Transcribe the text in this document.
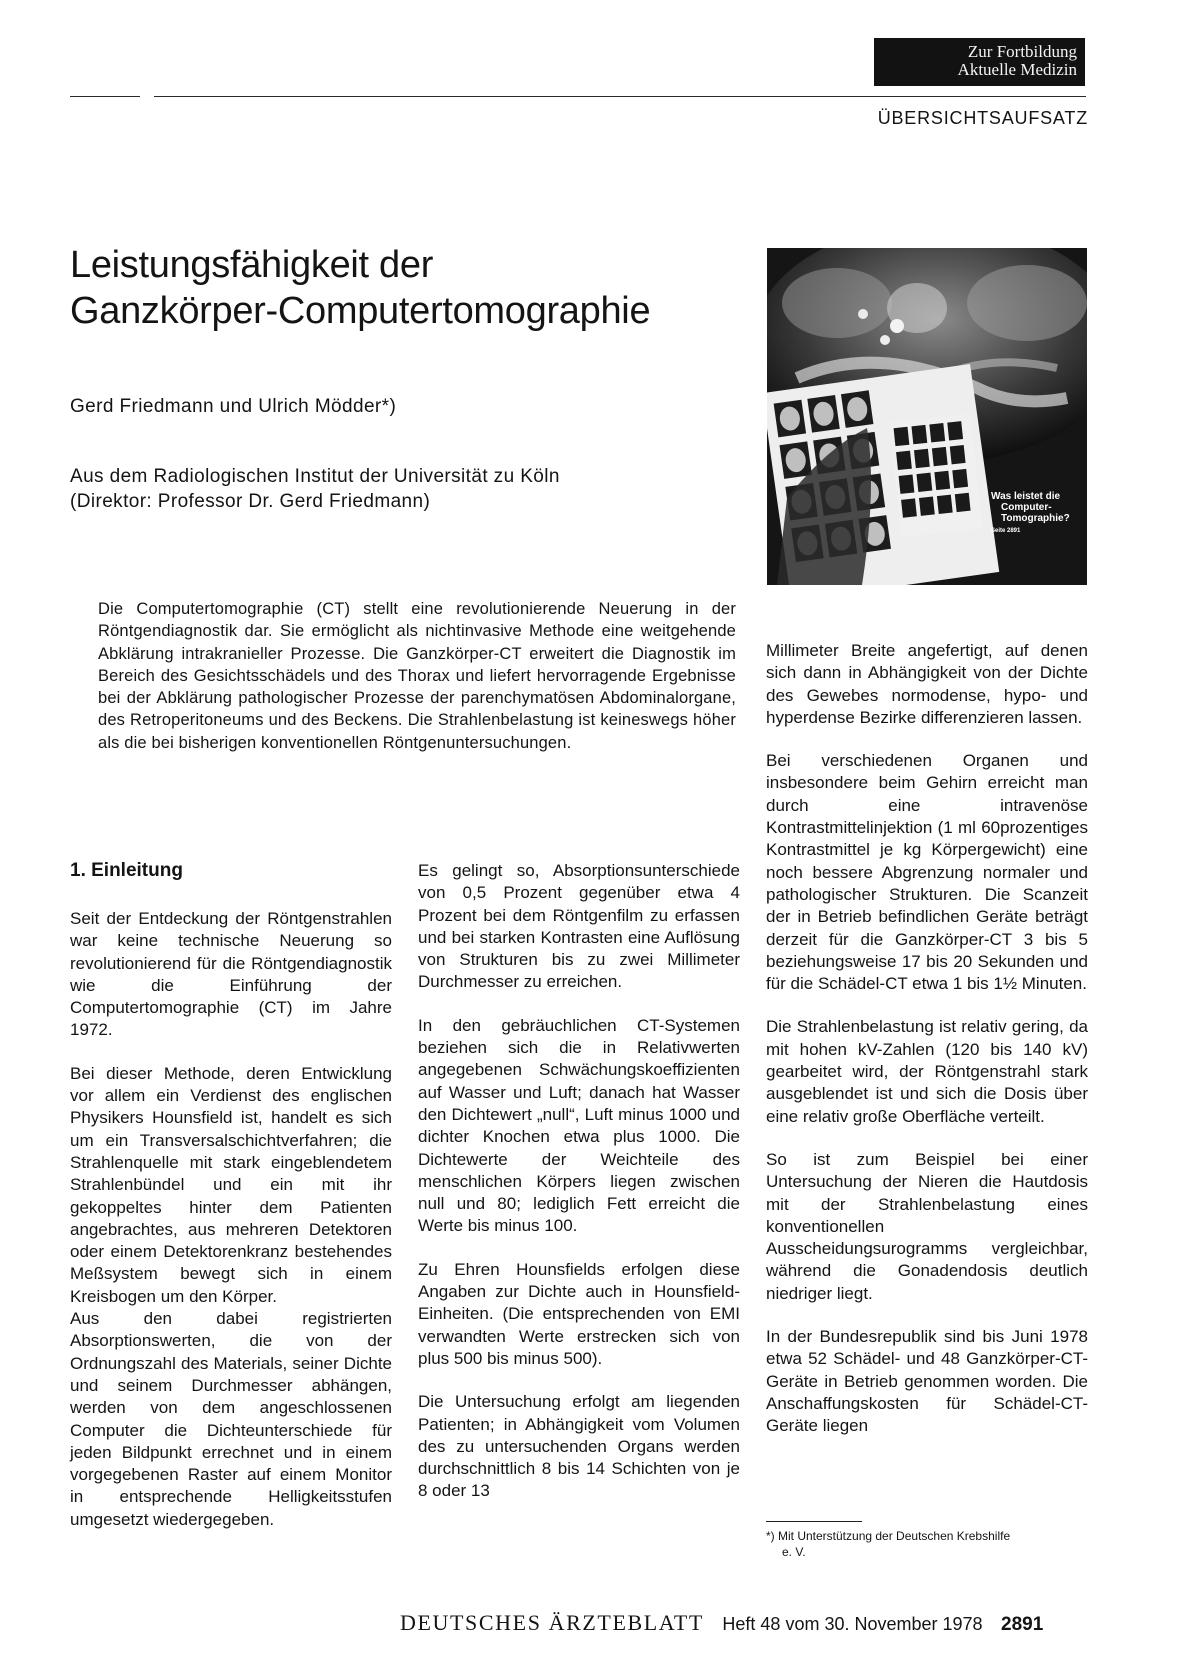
Zur Fortbildung
Aktuelle Medizin
ÜBERSICHTSAUFSATZ
Leistungsfähigkeit der
Ganzkörper-Computertomographie
Gerd Friedmann und Ulrich Mödder*)
Aus dem Radiologischen Institut der Universität zu Köln
(Direktor: Professor Dr. Gerd Friedmann)	Was leistet die
Computer-
Tomographie?
Seite 2891

Die Computertomographie (CT) stellt eine revolutionierende Neuerung in der Röntgendiagnostik dar. Sie ermöglicht als nichtinvasive Methode eine weitgehende Abklärung intrakranieller Prozesse. Die Ganzkörper-CT erweitert die Diagnostik im Bereich des Gesichtsschädels und des Thorax und liefert hervorragende Ergebnisse bei der Abklärung pathologischer Prozesse der parenchymatösen Abdominalorgane, des Retroperitoneums und des Beckens. Die Strahlenbelastung ist keineswegs höher als die bei bisherigen konventionellen Röntgenuntersuchungen.

1. Einleitung

Seit der Entdeckung der Röntgenstrahlen war keine technische Neuerung so revolutionierend für die Röntgendiagnostik wie die Einführung der Computertomographie (CT) im Jahre 1972.

Bei dieser Methode, deren Entwicklung vor allem ein Verdienst des englischen Physikers Hounsfield ist, handelt es sich um ein Transversalschichtverfahren; die Strahlenquelle mit stark eingeblendetem Strahlenbündel und ein mit ihr gekoppeltes hinter dem Patienten angebrachtes, aus mehreren Detektoren oder einem Detektorenkranz bestehendes Meßsystem bewegt sich in einem Kreisbogen um den Körper.

Aus den dabei registrierten Absorptionswerten, die von der Ordnungszahl des Materials, seiner Dichte und seinem Durchmesser abhängen, werden von dem angeschlossenen Computer die Dichteunterschiede für jeden Bildpunkt errechnet und in einem vorgegebenen Raster auf einem Monitor in entsprechende Helligkeitsstufen umgesetzt wiedergegeben.

Es gelingt so, Absorptionsunterschiede von 0,5 Prozent gegenüber etwa 4 Prozent bei dem Röntgenfilm zu erfassen und bei starken Kontrasten eine Auflösung von Strukturen bis zu zwei Millimeter Durchmesser zu erreichen.

In den gebräuchlichen CT-Systemen beziehen sich die in Relativwerten angegebenen Schwächungskoeffizienten auf Wasser und Luft; danach hat Wasser den Dichtewert „null“, Luft minus 1000 und dichter Knochen etwa plus 1000. Die Dichtewerte der Weichteile des menschlichen Körpers liegen zwischen null und 80; lediglich Fett erreicht die Werte bis minus 100.

Zu Ehren Hounsfields erfolgen diese Angaben zur Dichte auch in Hounsfield-Einheiten. (Die entsprechenden von EMI verwandten Werte erstrecken sich von plus 500 bis minus 500).

Die Untersuchung erfolgt am liegenden Patienten; in Abhängigkeit vom Volumen des zu untersuchenden Organs werden durchschnittlich 8 bis 14 Schichten von je 8 oder 13

Millimeter Breite angefertigt, auf denen sich dann in Abhängigkeit von der Dichte des Gewebes normodense, hypo- und hyperdense Bezirke differenzieren lassen.

Bei verschiedenen Organen und insbesondere beim Gehirn erreicht man durch eine intravenöse Kontrastmittelinjektion (1 ml 60prozentiges Kontrastmittel je kg Körpergewicht) eine noch bessere Abgrenzung normaler und pathologischer Strukturen. Die Scanzeit der in Betrieb befindlichen Geräte beträgt derzeit für die Ganzkörper-CT 3 bis 5 beziehungsweise 17 bis 20 Sekunden und für die Schädel-CT etwa 1 bis 1½ Minuten.

Die Strahlenbelastung ist relativ gering, da mit hohen kV-Zahlen (120 bis 140 kV) gearbeitet wird, der Röntgenstrahl stark ausgeblendet ist und sich die Dosis über eine relativ große Oberfläche verteilt.

So ist zum Beispiel bei einer Untersuchung der Nieren die Hautdosis mit der Strahlenbelastung eines konventionellen Ausscheidungsurogramms vergleichbar, während die Gonadendosis deutlich niedriger liegt.

In der Bundesrepublik sind bis Juni 1978 etwa 52 Schädel- und 48 Ganzkörper-CT-Geräte in Betrieb genommen worden. Die Anschaffungskosten für Schädel-CT-Geräte liegen

*) Mit Unterstützung der Deutschen Krebshilfe
e. V.
DEUTSCHES ÄRZTEBLATT Heft 48 vom 30. November 1978 2891
